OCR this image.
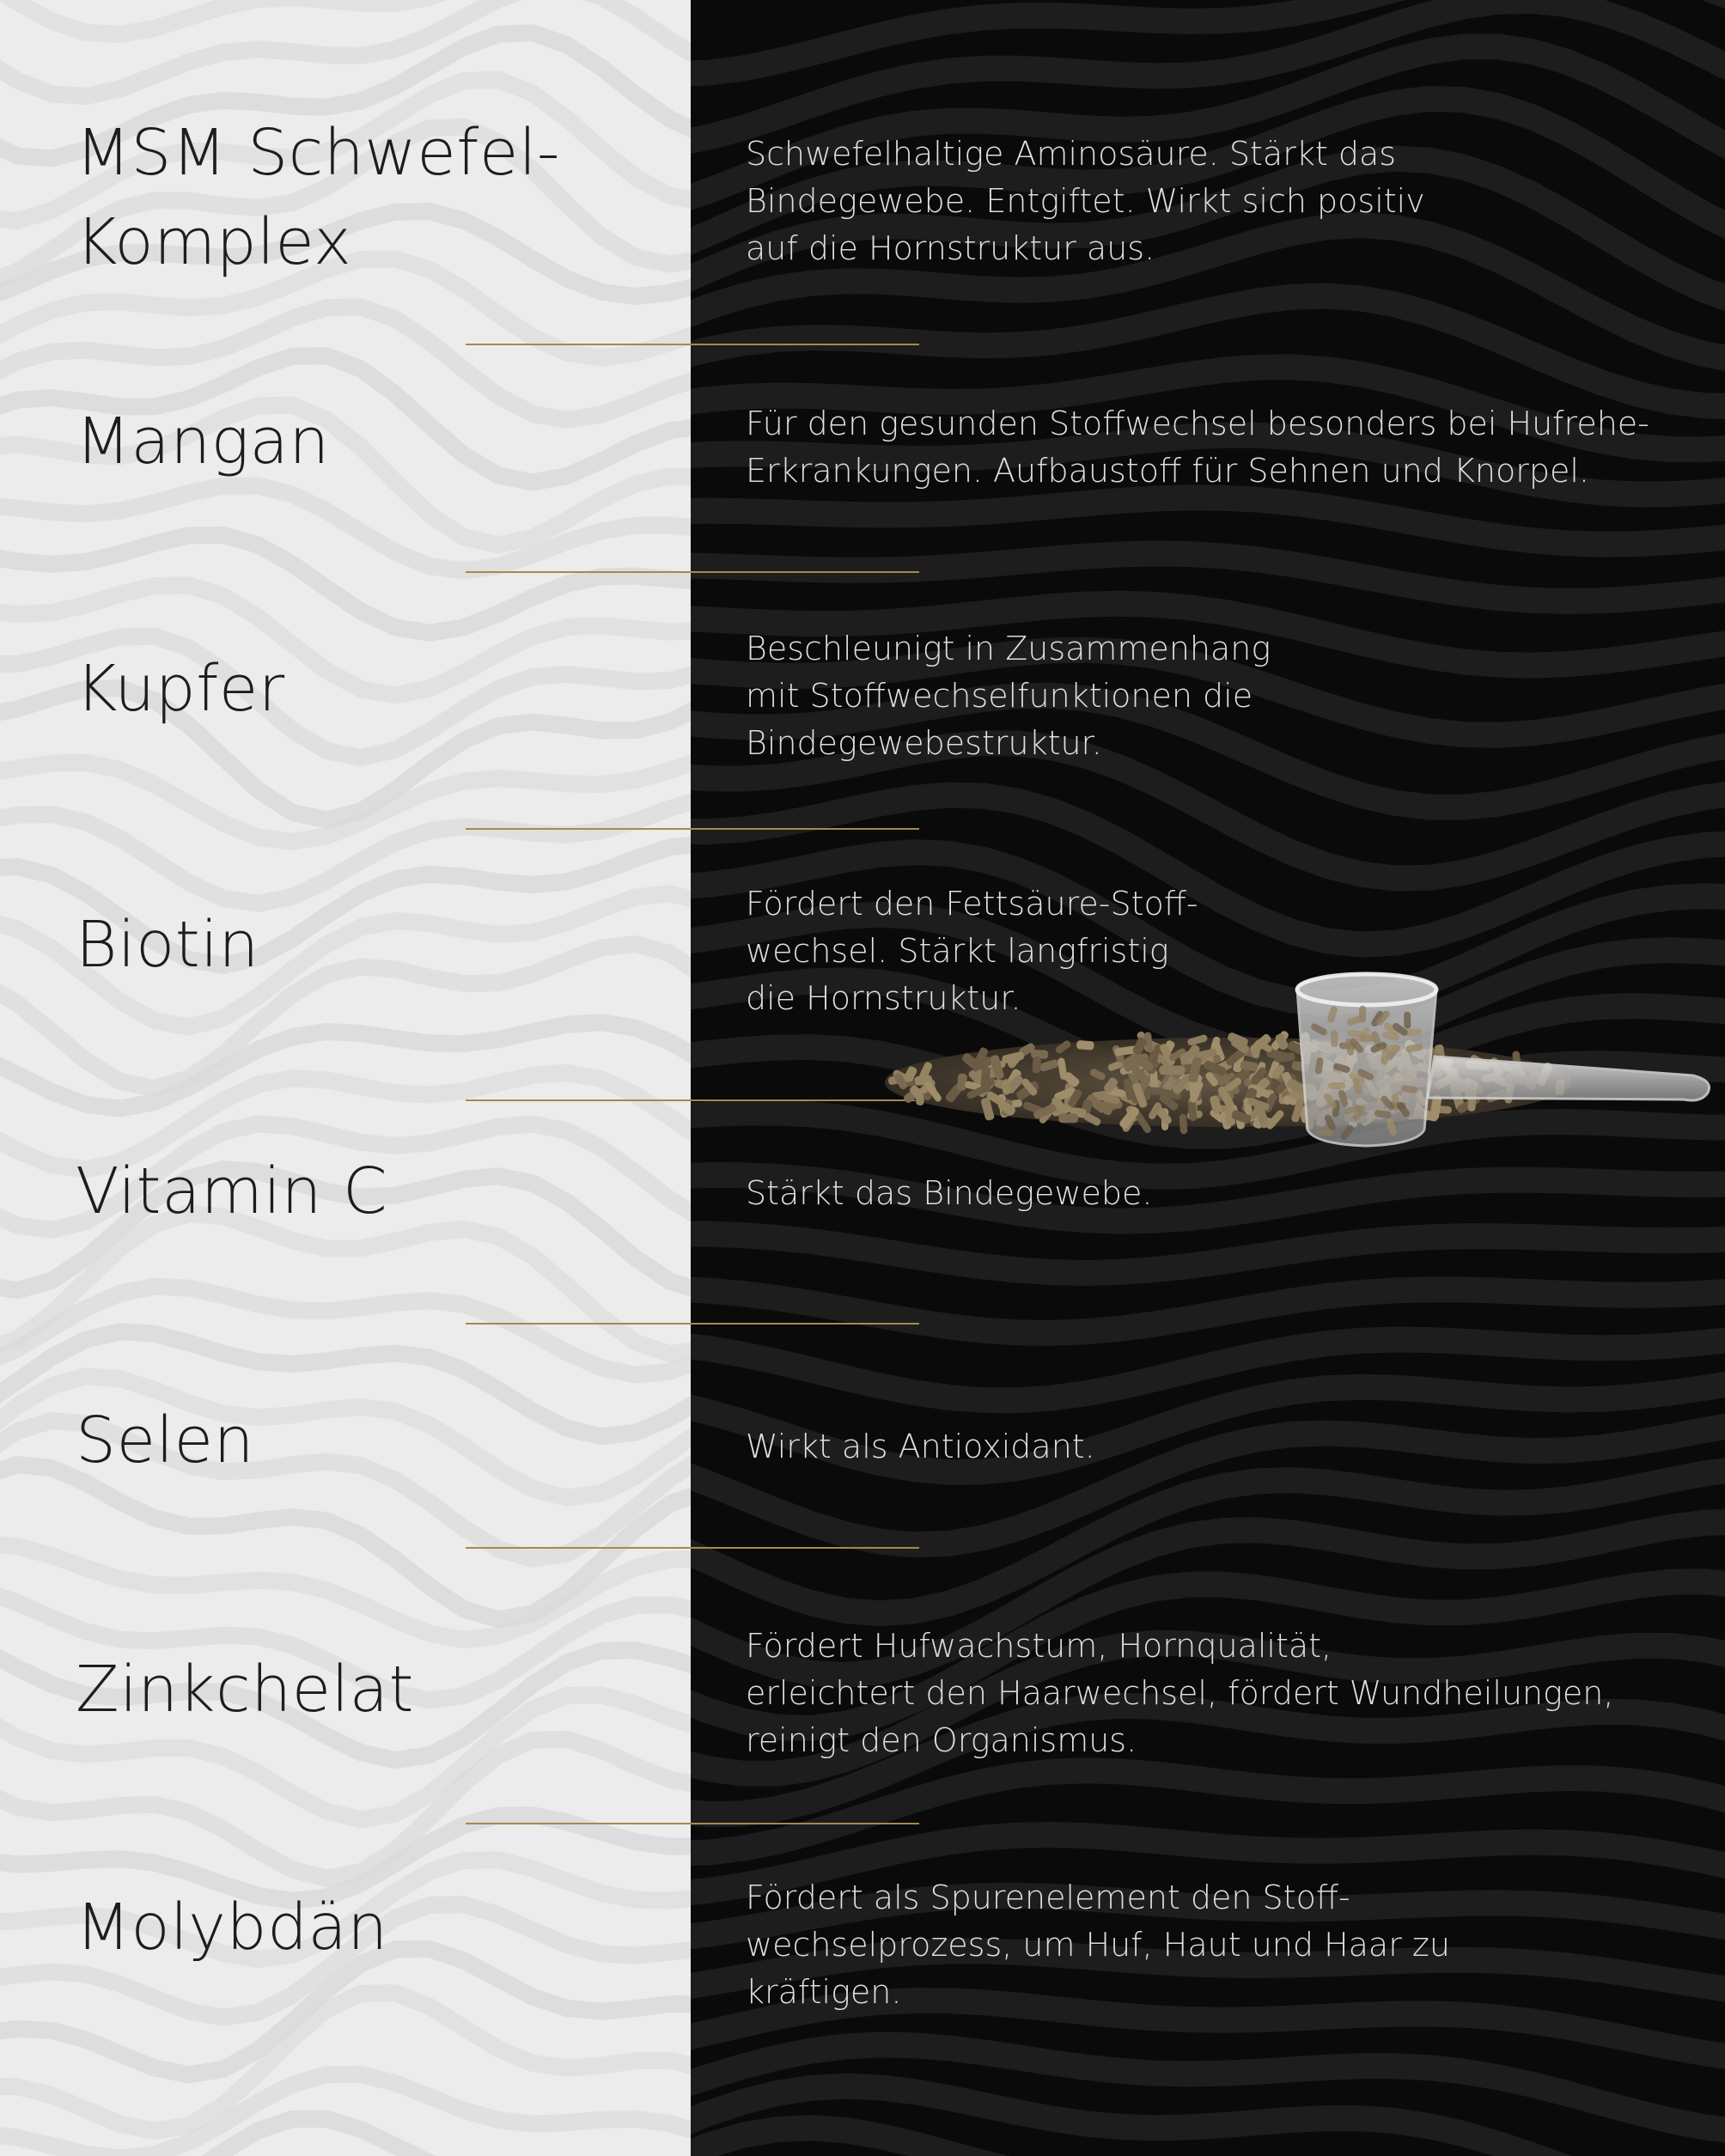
MSM Schwefel-
Komplex
Mangan
Kupfer
Biotin
Vitamin C
Selen
Zinkchelat
Molybdän

Schwefelhaltige Aminosäure. Stärkt das
Bindegewebe. Entgiftet. Wirkt sich positiv
auf die Hornstruktur aus.

Für den gesunden Stoffwechsel besonders bei Hufrehe-
Erkrankungen. Aufbaustoff für Sehnen und Knorpel.

Beschleunigt in Zusammenhang
mit Stoffwechselfunktionen die
Bindegewebestruktur.

Fördert den Fettsäure-Stoff-
wechsel. Stärkt langfristig
die Hornstruktur.

Stärkt das Bindegewebe.

Wirkt als Antioxidant.

Fördert Hufwachstum, Hornqualität,
erleichtert den Haarwechsel, fördert Wundheilungen,
reinigt den Organismus.

Fördert als Spurenelement den Stoff-
wechselprozess, um Huf, Haut und Haar zu
kräftigen.
